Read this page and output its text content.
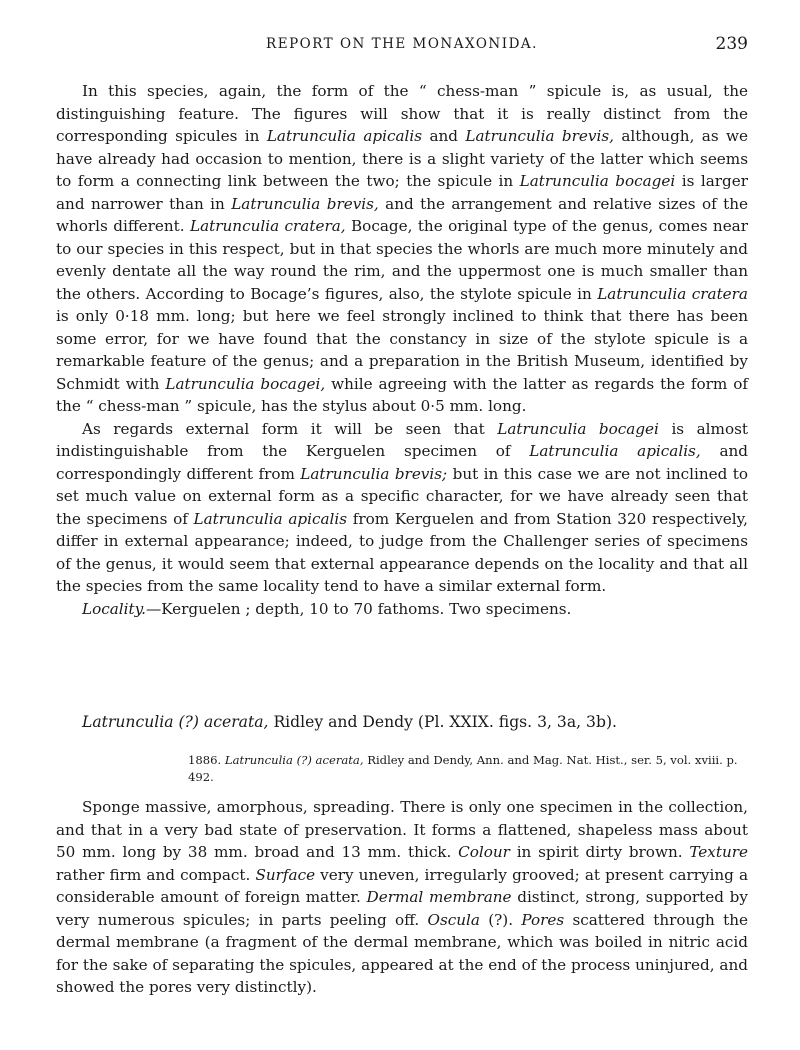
REPORT ON THE MONAXONIDA.	239

In this species, again, the form of the “ chess-man ” spicule is, as usual, the distinguishing feature. The figures will show that it is really distinct from the corresponding spicules in Latrunculia apicalis and Latrunculia brevis, although, as we have already had occasion to mention, there is a slight variety of the latter which seems to form a connecting link between the two; the spicule in Latrunculia bocagei is larger and narrower than in Latrunculia brevis, and the arrangement and relative sizes of the whorls different. Latrunculia cratera, Bocage, the original type of the genus, comes near to our species in this respect, but in that species the whorls are much more minutely and evenly dentate all the way round the rim, and the uppermost one is much smaller than the others. According to Bocage’s figures, also, the stylote spicule in Latrunculia cratera is only 0·18 mm. long; but here we feel strongly inclined to think that there has been some error, for we have found that the constancy in size of the stylote spicule is a remarkable feature of the genus; and a preparation in the British Museum, identified by Schmidt with Latrunculia bocagei, while agreeing with the latter as regards the form of the “ chess-man ” spicule, has the stylus about 0·5 mm. long.

As regards external form it will be seen that Latrunculia bocagei is almost indistinguishable from the Kerguelen specimen of Latrunculia apicalis, and correspondingly different from Latrunculia brevis; but in this case we are not inclined to set much value on external form as a specific character, for we have already seen that the specimens of Latrunculia apicalis from Kerguelen and from Station 320 respectively, differ in external appearance; indeed, to judge from the Challenger series of specimens of the genus, it would seem that external appearance depends on the locality and that all the species from the same locality tend to have a similar external form.

Locality.—Kerguelen ; depth, 10 to 70 fathoms. Two specimens.

Latrunculia (?) acerata, Ridley and Dendy (Pl. XXIX. figs. 3, 3a, 3b).
1886. Latrunculia (?) acerata, Ridley and Dendy, Ann. and Mag. Nat. Hist., ser. 5, vol. xviii. p. 492.

Sponge massive, amorphous, spreading. There is only one specimen in the collection, and that in a very bad state of preservation. It forms a flattened, shapeless mass about 50 mm. long by 38 mm. broad and 13 mm. thick. Colour in spirit dirty brown. Texture rather firm and compact. Surface very uneven, irregularly grooved; at present carrying a considerable amount of foreign matter. Dermal membrane distinct, strong, supported by very numerous spicules; in parts peeling off. Oscula (?). Pores scattered through the dermal membrane (a fragment of the dermal membrane, which was boiled in nitric acid for the sake of separating the spicules, appeared at the end of the process uninjured, and showed the pores very distinctly).
